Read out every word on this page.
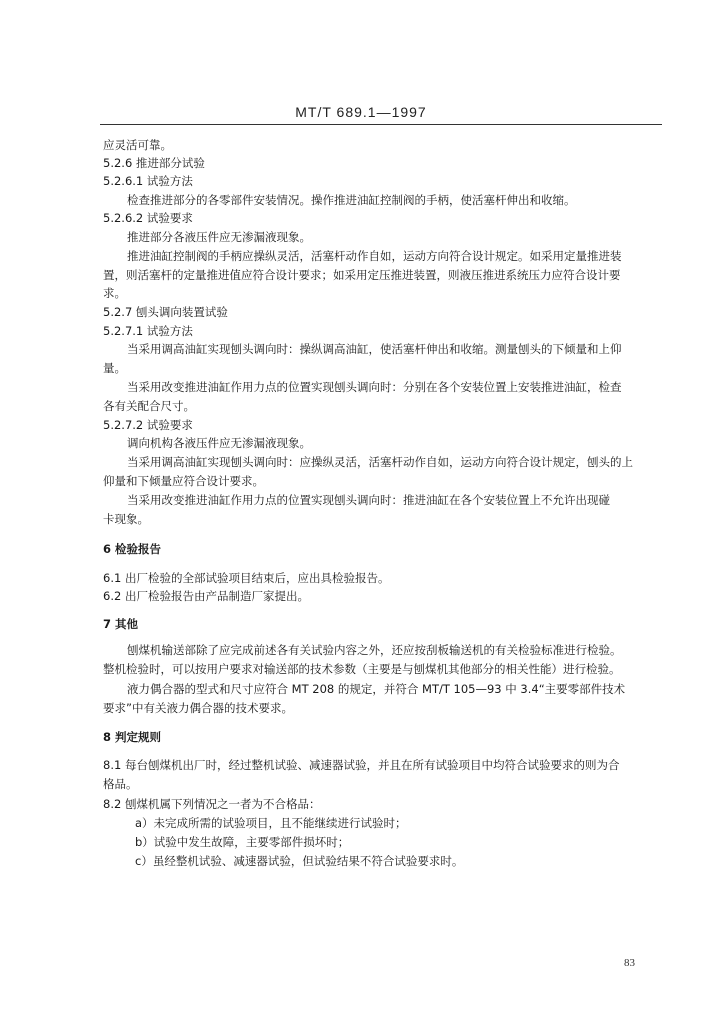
MT/T 689.1—1997
应灵活可靠。
5.2.6 推进部分试验
5.2.6.1 试验方法
检查推进部分的各零部件安装情况。操作推进油缸控制阀的手柄，使活塞杆伸出和收缩。
5.2.6.2 试验要求
推进部分各液压件应无渗漏液现象。
推进油缸控制阀的手柄应操纵灵活，活塞杆动作自如，运动方向符合设计规定。如采用定量推进装
置，则活塞杆的定量推进值应符合设计要求；如采用定压推进装置，则液压推进系统压力应符合设计要
求。
5.2.7 刨头调向装置试验
5.2.7.1 试验方法
当采用调高油缸实现刨头调向时：操纵调高油缸，使活塞杆伸出和收缩。测量刨头的下倾量和上仰
量。
当采用改变推进油缸作用力点的位置实现刨头调向时：分别在各个安装位置上安装推进油缸，检查
各有关配合尺寸。
5.2.7.2 试验要求
调向机构各液压件应无渗漏液现象。
当采用调高油缸实现刨头调向时：应操纵灵活，活塞杆动作自如，运动方向符合设计规定，刨头的上
仰量和下倾量应符合设计要求。
当采用改变推进油缸作用力点的位置实现刨头调向时：推进油缸在各个安装位置上不允许出现碰
卡现象。
6 检验报告
6.1 出厂检验的全部试验项目结束后，应出具检验报告。
6.2 出厂检验报告由产品制造厂家提出。
7 其他
刨煤机输送部除了应完成前述各有关试验内容之外，还应按刮板输送机的有关检验标准进行检验。
整机检验时，可以按用户要求对输送部的技术参数（主要是与刨煤机其他部分的相关性能）进行检验。
液力偶合器的型式和尺寸应符合 MT 208 的规定，并符合 MT/T 105—93 中 3.4“主要零部件技术
要求”中有关液力偶合器的技术要求。
8 判定规则
8.1 每台刨煤机出厂时，经过整机试验、减速器试验，并且在所有试验项目中均符合试验要求的则为合
格品。
8.2 刨煤机属下列情况之一者为不合格品：
a）未完成所需的试验项目，且不能继续进行试验时；
b）试验中发生故障，主要零部件损坏时；
c）虽经整机试验、减速器试验，但试验结果不符合试验要求时。
83
